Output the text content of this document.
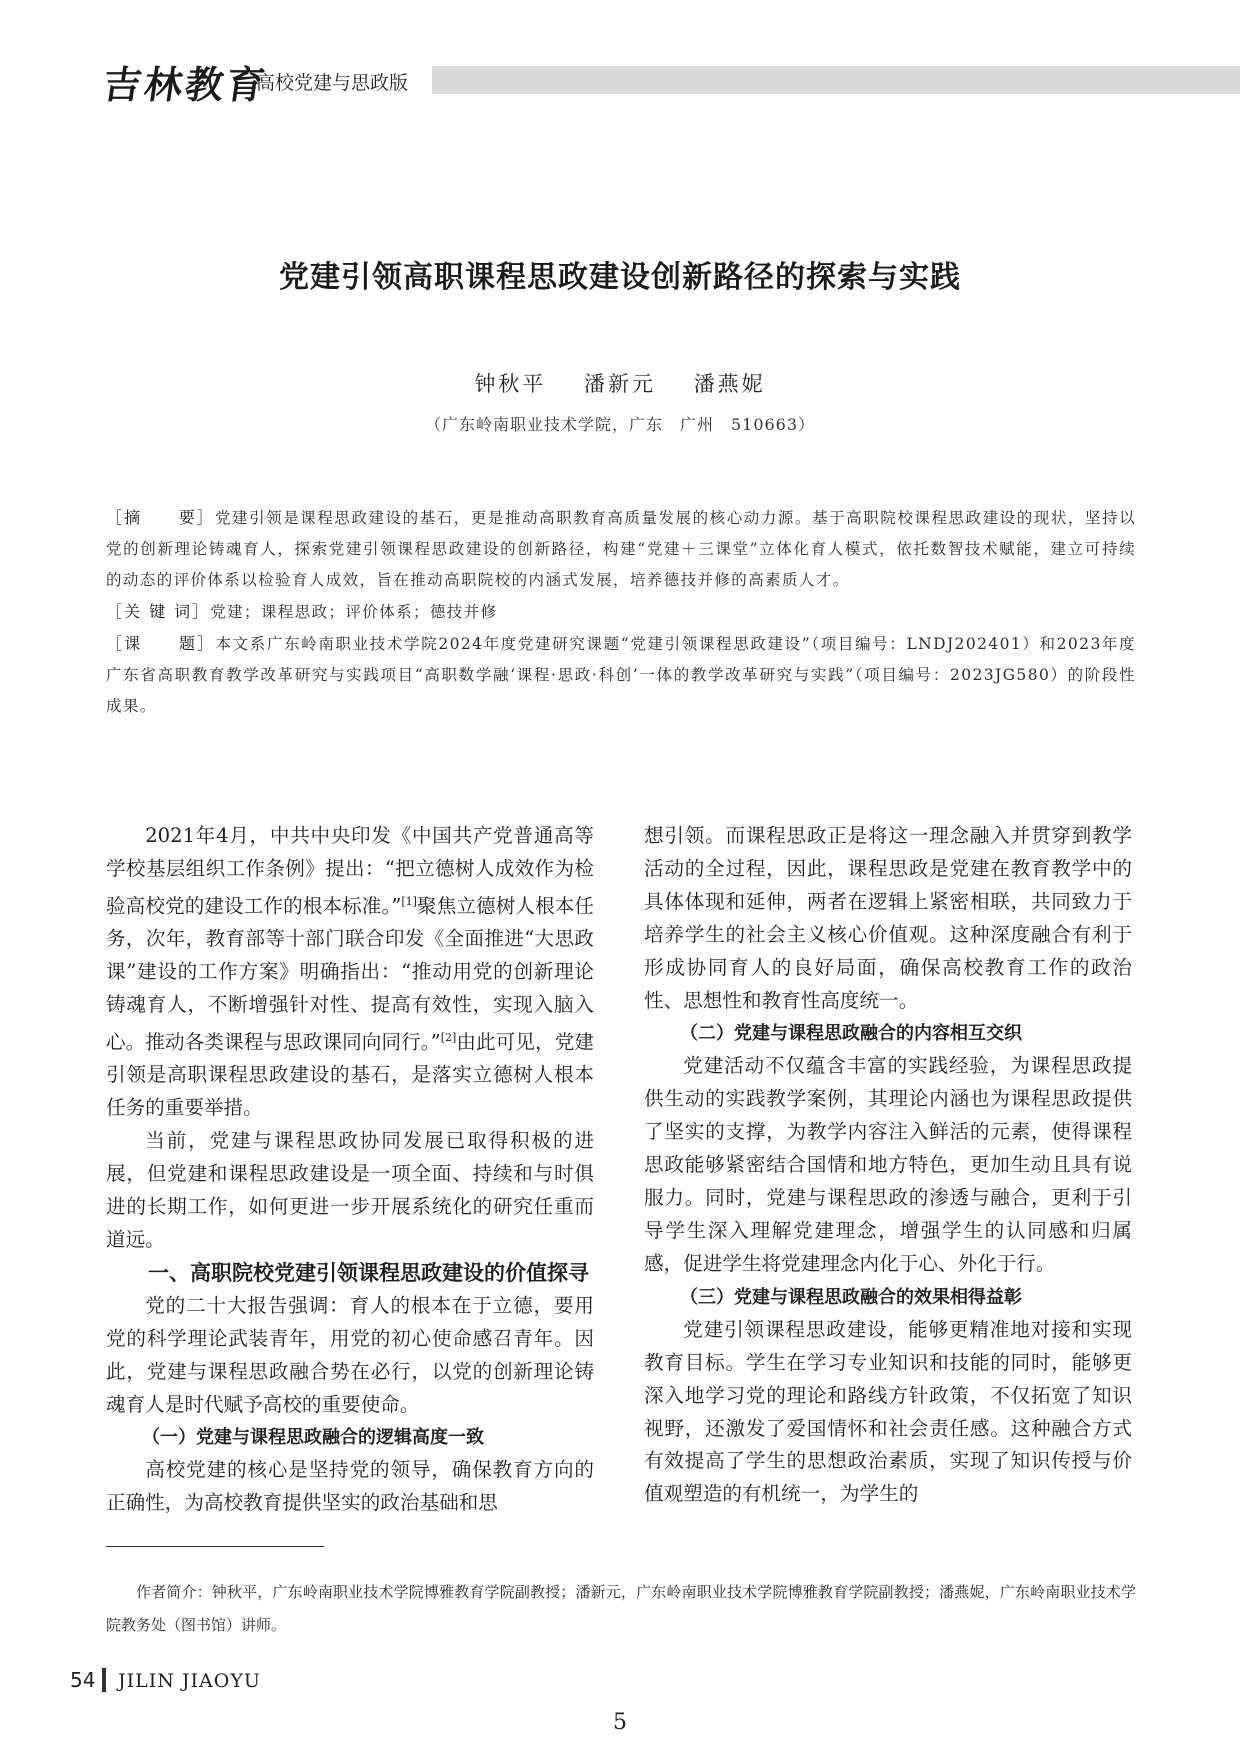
吉林教育
高校党建与思政版
党建引领高职课程思政建设创新路径的探索与实践
钟秋平 潘新元 潘燕妮
（广东岭南职业技术学院，广东　广州　510663）

［摘　　要］党建引领是课程思政建设的基石，更是推动高职教育高质量发展的核心动力源。基于高职院校课程思政建设的现状，坚持以党的创新理论铸魂育人，探索党建引领课程思政建设的创新路径，构建“党建＋三课堂”立体化育人模式，依托数智技术赋能，建立可持续的动态的评价体系以检验育人成效，旨在推动高职院校的内涵式发展，培养德技并修的高素质人才。

［关 键 词］党建；课程思政；评价体系；德技并修

［课　　题］本文系广东岭南职业技术学院2024年度党建研究课题“党建引领课程思政建设”（项目编号：LNDJ202401）和2023年度广东省高职教育教学改革研究与实践项目“高职数学融‘课程·思政·科创’一体的教学改革研究与实践”（项目编号：2023JG580）的阶段性成果。

2021年4月，中共中央印发《中国共产党普通高等学校基层组织工作条例》提出：“把立德树人成效作为检验高校党的建设工作的根本标准。”[1]聚焦立德树人根本任务，次年，教育部等十部门联合印发《全面推进“大思政课”建设的工作方案》明确指出：“推动用党的创新理论铸魂育人，不断增强针对性、提高有效性，实现入脑入心。推动各类课程与思政课同向同行。”[2]由此可见，党建引领是高职课程思政建设的基石，是落实立德树人根本任务的重要举措。

当前，党建与课程思政协同发展已取得积极的进展，但党建和课程思政建设是一项全面、持续和与时俱进的长期工作，如何更进一步开展系统化的研究任重而道远。

一、高职院校党建引领课程思政建设的价值探寻

党的二十大报告强调：育人的根本在于立德，要用党的科学理论武装青年，用党的初心使命感召青年。因此，党建与课程思政融合势在必行，以党的创新理论铸魂育人是时代赋予高校的重要使命。

（一）党建与课程思政融合的逻辑高度一致

高校党建的核心是坚持党的领导，确保教育方向的正确性，为高校教育提供坚实的政治基础和思

想引领。而课程思政正是将这一理念融入并贯穿到教学活动的全过程，因此，课程思政是党建在教育教学中的具体体现和延伸，两者在逻辑上紧密相联，共同致力于培养学生的社会主义核心价值观。这种深度融合有利于形成协同育人的良好局面，确保高校教育工作的政治性、思想性和教育性高度统一。

（二）党建与课程思政融合的内容相互交织

党建活动不仅蕴含丰富的实践经验，为课程思政提供生动的实践教学案例，其理论内涵也为课程思政提供了坚实的支撑，为教学内容注入鲜活的元素，使得课程思政能够紧密结合国情和地方特色，更加生动且具有说服力。同时，党建与课程思政的渗透与融合，更利于引导学生深入理解党建理念，增强学生的认同感和归属感，促进学生将党建理念内化于心、外化于行。

（三）党建与课程思政融合的效果相得益彰

党建引领课程思政建设，能够更精准地对接和实现教育目标。学生在学习专业知识和技能的同时，能够更深入地学习党的理论和路线方针政策，不仅拓宽了知识视野，还激发了爱国情怀和社会责任感。这种融合方式有效提高了学生的思想政治素质，实现了知识传授与价值观塑造的有机统一，为学生的

作者简介：钟秋平，广东岭南职业技术学院博雅教育学院副教授；潘新元，广东岭南职业技术学院博雅教育学院副教授；潘燕妮，广东岭南职业技术学院教务处（图书馆）讲师。

54 JILIN JIAOYU
5
